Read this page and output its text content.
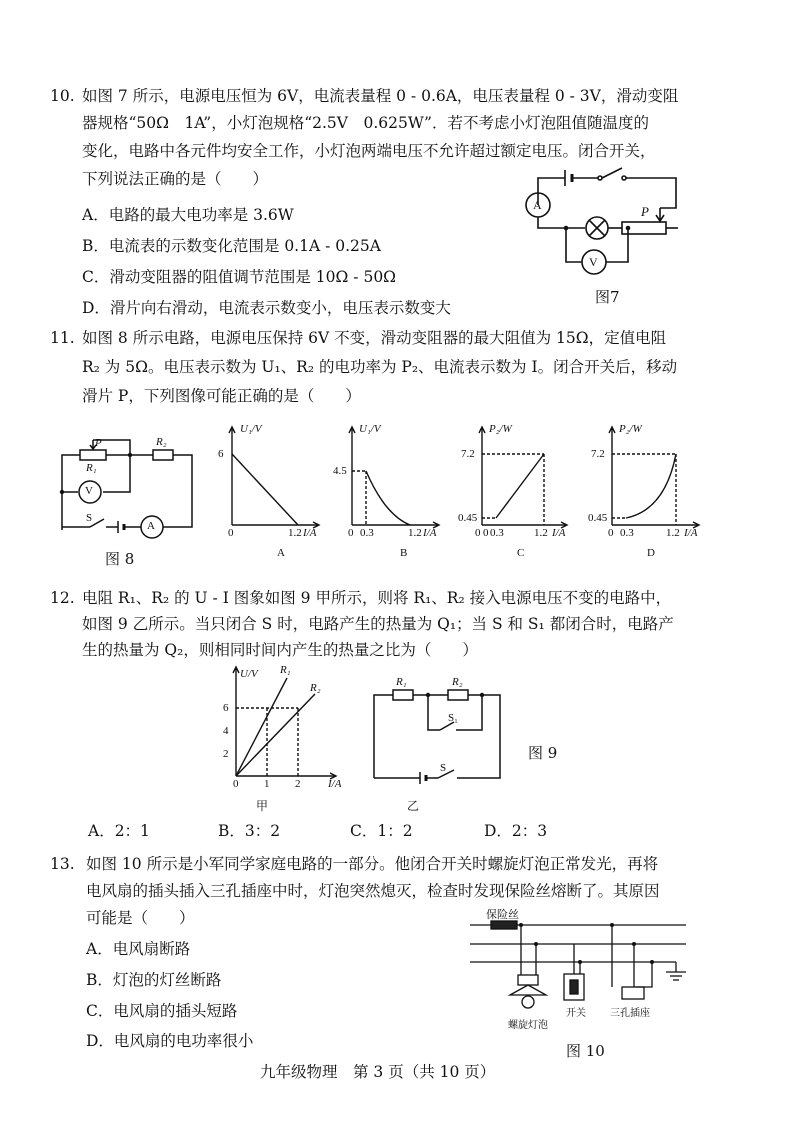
10. 如图 7 所示，电源电压恒为 6V，电流表量程 0 - 0.6A，电压表量程 0 - 3V，滑动变阻
器规格“50Ω　1A”，小灯泡规格“2.5V　0.625W”．若不考虑小灯泡阻值随温度的
变化，电路中各元件均安全工作，小灯泡两端电压不允许超过额定电压。闭合开关，
下列说法正确的是（　　）
A．电路的最大电功率是 3.6W
B．电流表的示数变化范围是 0.1A - 0.25A
C．滑动变阻器的阻值调节范围是 10Ω - 50Ω
D．滑片向右滑动，电流表示数变小，电压表示数变大
A
V
P
图7
11. 如图 8 所示电路，电源电压保持 6V 不变，滑动变阻器的最大阻值为 15Ω，定值电阻
R₂ 为 5Ω。电压表示数为 U₁、R₂ 的电功率为 P₂、电流表示数为 I。闭合开关后，移动
滑片 P，下列图像可能正确的是（　　）
P
R₁
R₂
V
S
A
图 8
U₁/V
6
0	1.2 I/A
A
U₁/V
4.5
0 0.3	1.2 I/A
B
P₂/W
7.2
0.45
0 0 0.3	1.2 I/A
C
P₂/W
7.2
0.45
0 0.3	1.2 I/A
D
12. 电阻 R₁、R₂ 的 U - I 图象如图 9 甲所示，则将 R₁、R₂ 接入电源电压不变的电路中，
如图 9 乙所示。当只闭合 S 时，电路产生的热量为 Q₁；当 S 和 S₁ 都闭合时，电路产
生的热量为 Q₂，则相同时间内产生的热量之比为（　　）
U/V
6
4
2
0 1 2	I/A
R₁
R₂
甲
R₁	R₂
S₁
S
乙
图 9
A．2：1	B．3：2	C．1：2	D．2：3
13. 如图 10 所示是小军同学家庭电路的一部分。他闭合开关时螺旋灯泡正常发光，再将
电风扇的插头插入三孔插座中时，灯泡突然熄灭，检查时发现保险丝熔断了。其原因
可能是（　　）
A．电风扇断路
B．灯泡的灯丝断路
C．电风扇的插头短路
D．电风扇的电功率很小
保险丝
螺旋灯泡
开关 三孔插座
图 10
九年级物理　第 3 页（共 10 页）
